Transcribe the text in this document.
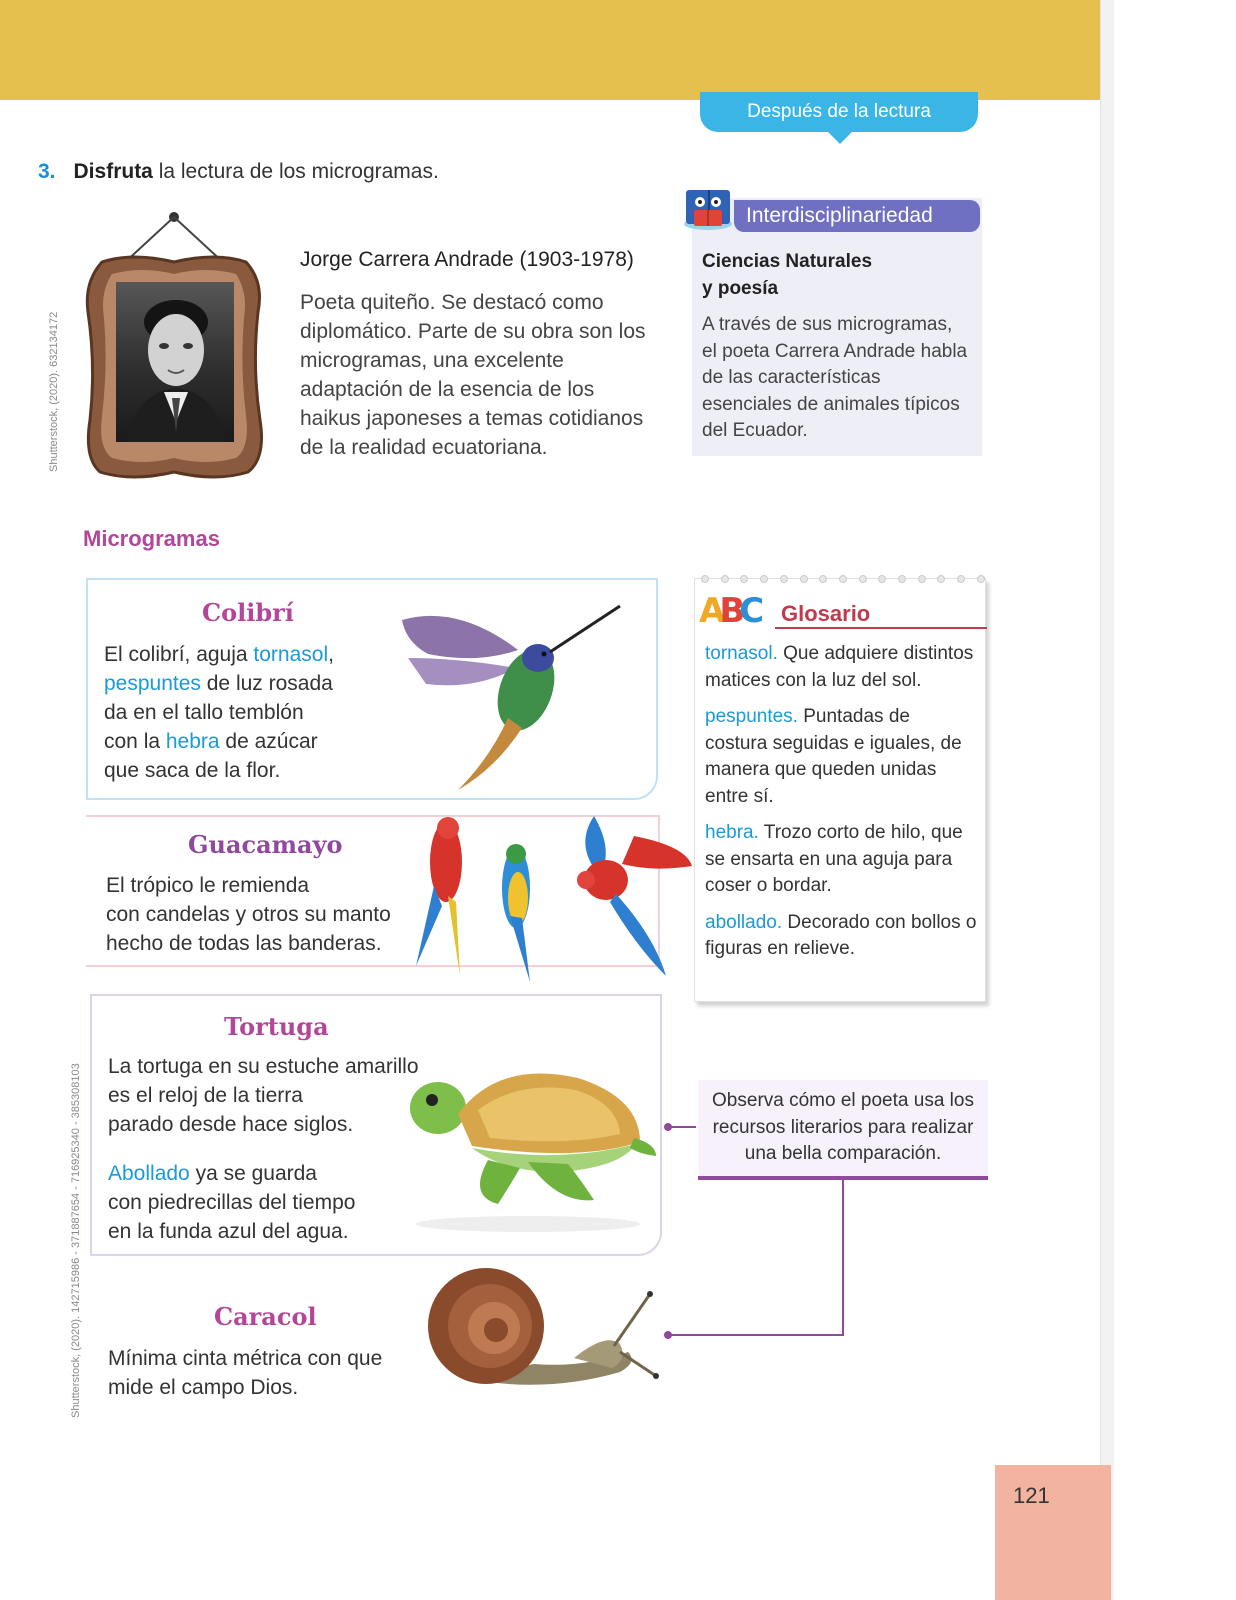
Después de la lectura
3. Disfruta la lectura de los microgramas.
Shutterstock, (2020). 632134172
Shutterstock, (2020). 142715986 - 371887654 - 716925340 - 385308103
Jorge Carrera Andrade (1903-1978)
Poeta quiteño. Se destacó como diplomático. Parte de su obra son los microgramas, una excelente adaptación de la esencia de los haikus japoneses a temas cotidianos de la realidad ecuatoriana.
Interdisciplinariedad
Ciencias Naturales
y poesía
A través de sus microgramas, el poeta Carrera Andrade habla de las características esenciales de animales típicos del Ecuador.
Microgramas
Colibrí
El colibrí, aguja tornasol,
pespuntes de luz rosada
da en el tallo temblón
con la hebra de azúcar
que saca de la flor.
Guacamayo
El trópico le remienda
con candelas y otros su manto
hecho de todas las banderas.
Tortuga
La tortuga en su estuche amarillo
es el reloj de la tierra
parado desde hace siglos.
Abollado ya se guarda
con piedrecillas del tiempo
en la funda azul del agua.
Caracol
Mínima cinta métrica con que
mide el campo Dios.
ABC Glosario
tornasol. Que adquiere distintos matices con la luz del sol.
pespuntes. Puntadas de costura seguidas e iguales, de manera que queden unidas entre sí.
hebra. Trozo corto de hilo, que se ensarta en una aguja para coser o bordar.
abollado. Decorado con bollos o figuras en relieve.
Observa cómo el poeta usa los recursos literarios para realizar una bella comparación.
121
